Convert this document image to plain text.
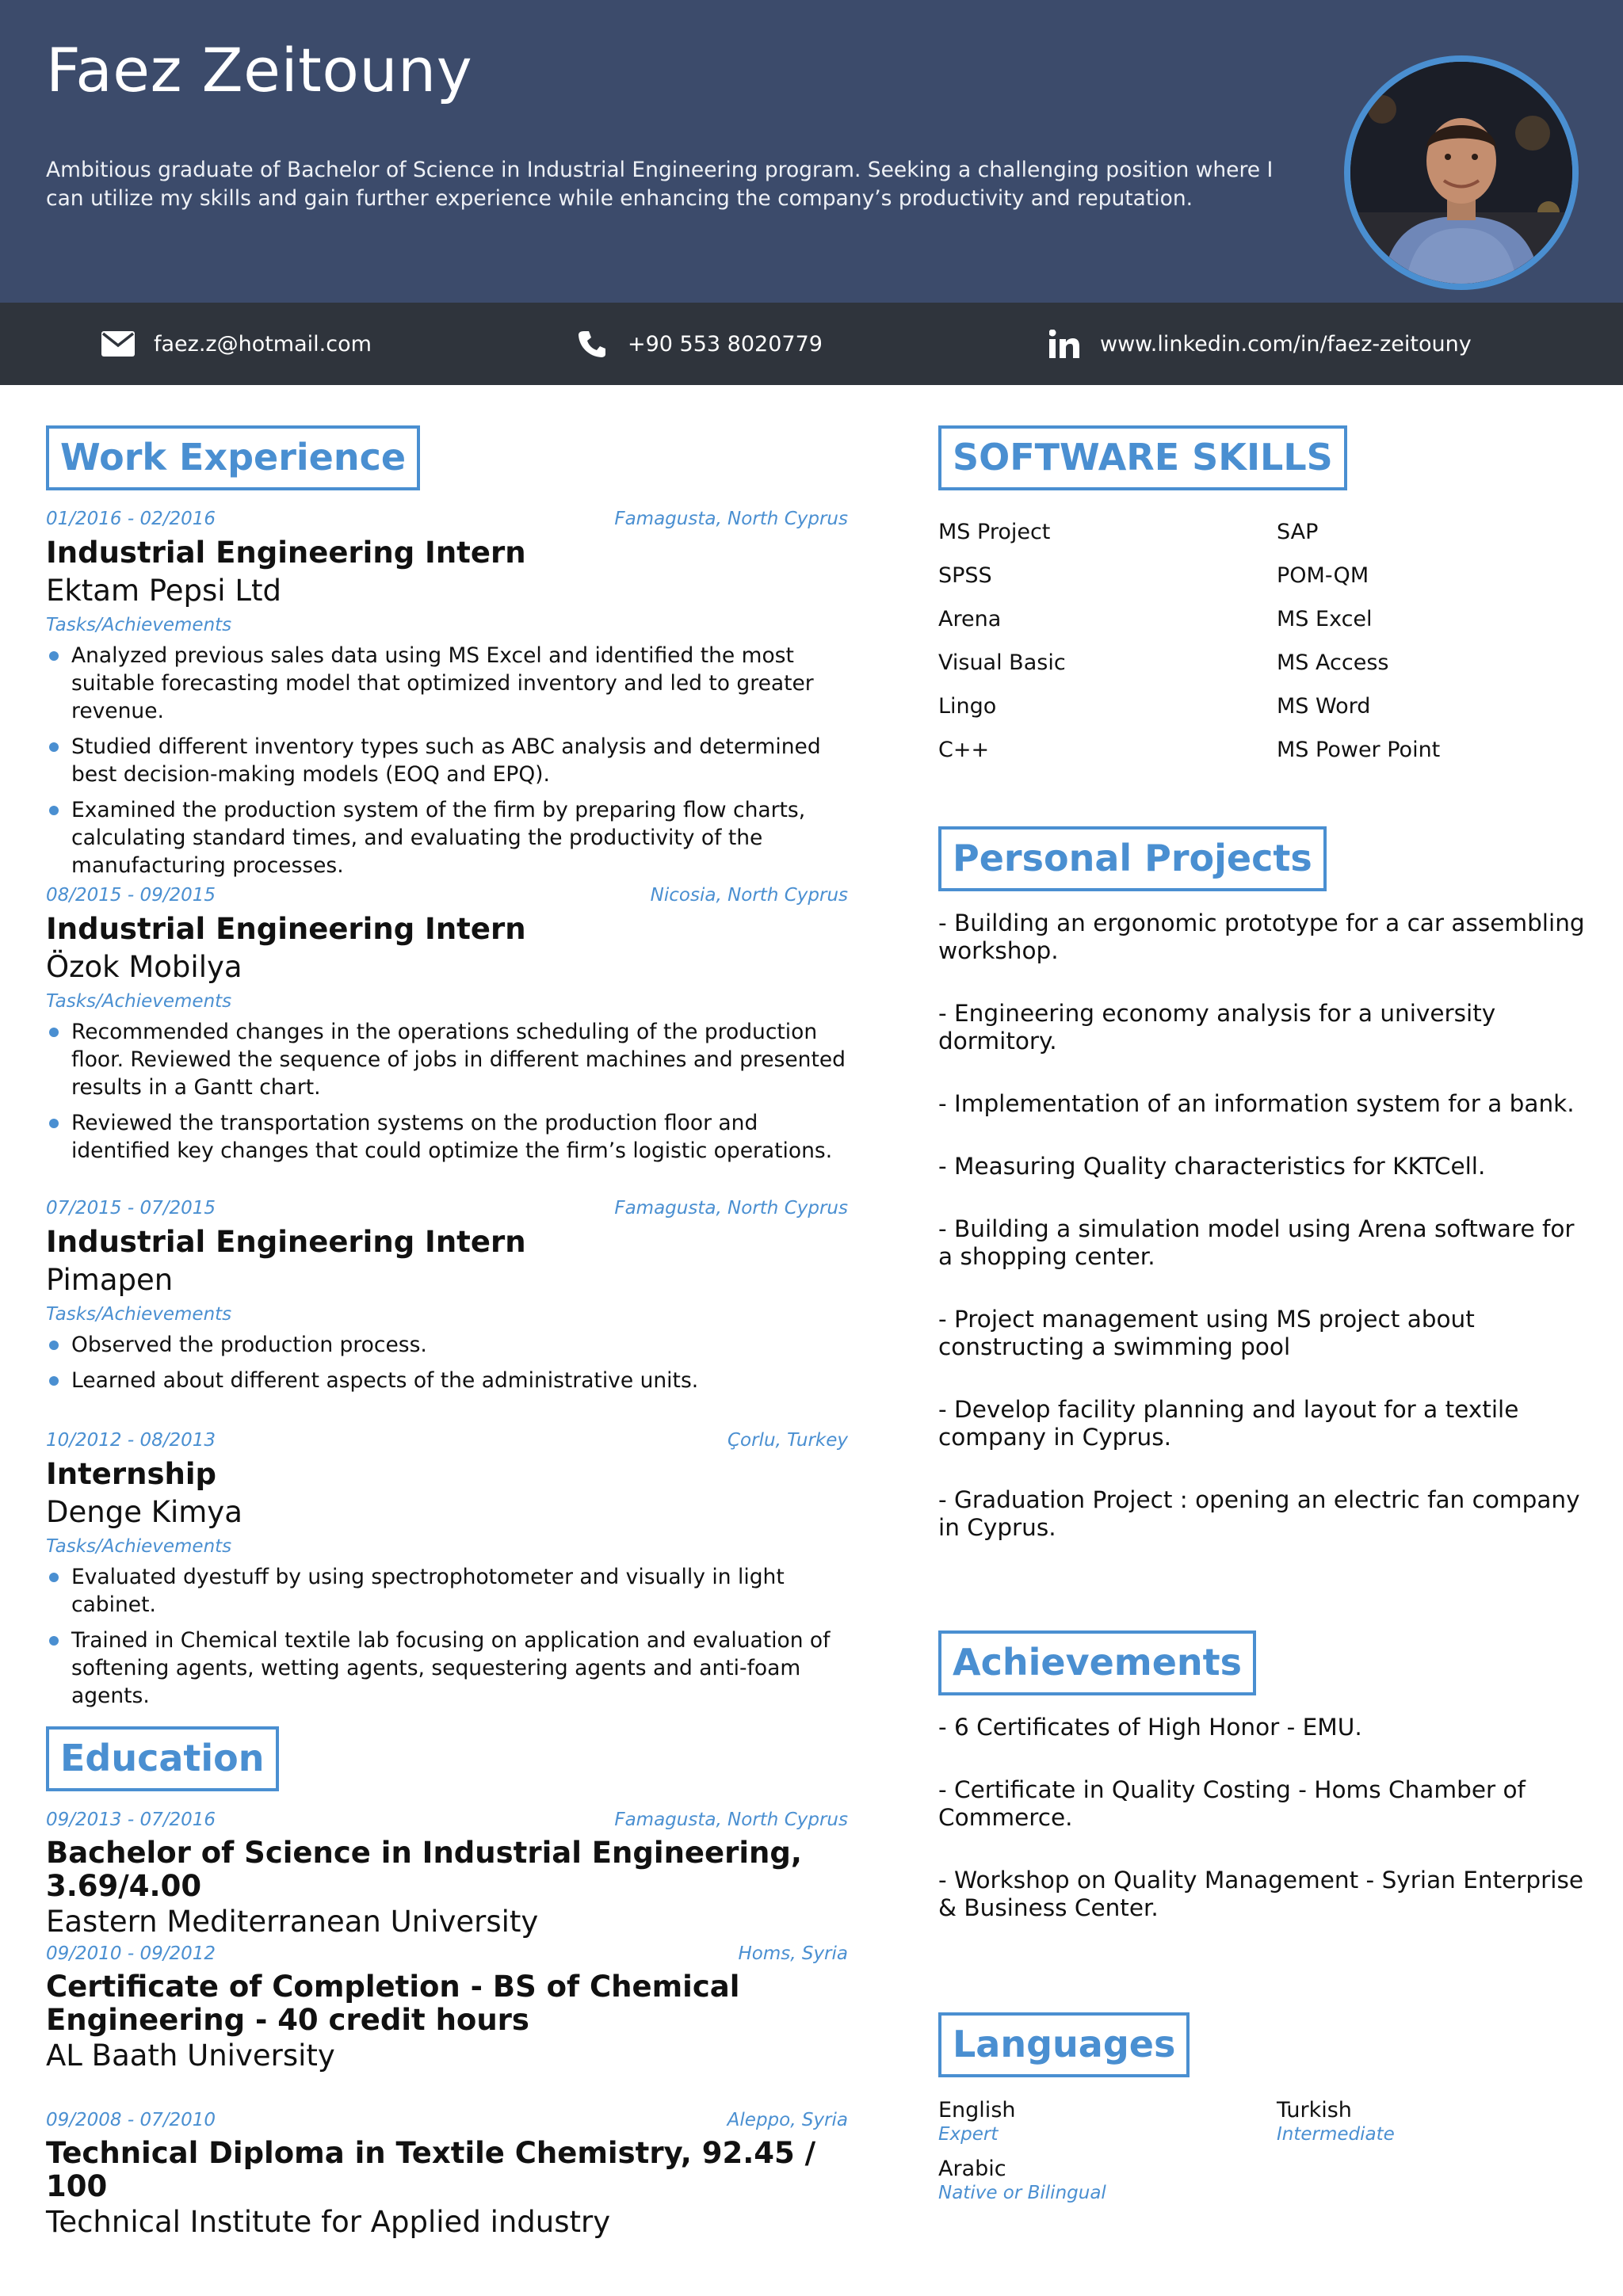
Faez Zeitouny

Ambitious graduate of Bachelor of Science in Industrial Engineering program. Seeking a challenging position where I can utilize my skills and gain further experience while enhancing the company’s productivity and reputation.

faez.z@hotmail.com	+90 553 8020779	www.linkedin.com/in/faez-zeitouny
Work Experience
01/2016 - 02/2016	Famagusta, North Cyprus
Industrial Engineering Intern
Ektam Pepsi Ltd
Tasks/Achievements
Analyzed previous sales data using MS Excel and identified the most suitable forecasting model that optimized inventory and led to greater revenue.
Studied different inventory types such as ABC analysis and determined best decision-making models (EOQ and EPQ).
Examined the production system of the firm by preparing flow charts, calculating standard times, and evaluating the productivity of the manufacturing processes.
08/2015 - 09/2015	Nicosia, North Cyprus
Industrial Engineering Intern
Özok Mobilya
Tasks/Achievements
Recommended changes in the operations scheduling of the production floor. Reviewed the sequence of jobs in different machines and presented results in a Gantt chart.
Reviewed the transportation systems on the production floor and identified key changes that could optimize the firm’s logistic operations.
07/2015 - 07/2015	Famagusta, North Cyprus
Industrial Engineering Intern
Pimapen
Tasks/Achievements
Observed the production process.
Learned about different aspects of the administrative units.
10/2012 - 08/2013	Çorlu, Turkey
Internship
Denge Kimya
Tasks/Achievements
Evaluated dyestuff by using spectrophotometer and visually in light cabinet.
Trained in Chemical textile lab focusing on application and evaluation of softening agents, wetting agents, sequestering agents and anti-foam agents.
Education
09/2013 - 07/2016	Famagusta, North Cyprus
Bachelor of Science in Industrial Engineering, 3.69/4.00
Eastern Mediterranean University
09/2010 - 09/2012	Homs, Syria
Certificate of Completion - BS of Chemical Engineering - 40 credit hours
AL Baath University
09/2008 - 07/2010	Aleppo, Syria
Technical Diploma in Textile Chemistry, 92.45 / 100
Technical Institute for Applied industry
SOFTWARE SKILLS
MS Project	SAP
SPSS	POM-QM
Arena	MS Excel
Visual Basic	MS Access
Lingo	MS Word
C++	MS Power Point
Personal Projects

- Building an ergonomic prototype for a car assembling workshop.

- Engineering economy analysis for a university dormitory.

- Implementation of an information system for a bank.

- Measuring Quality characteristics for KKTCell.

- Building a simulation model using Arena software for a shopping center.

- Project management using MS project about constructing a swimming pool

- Develop facility planning and layout for a textile company in Cyprus.

- Graduation Project : opening an electric fan company in Cyprus.

Achievements

- 6 Certificates of High Honor - EMU.

- Certificate in Quality Costing - Homs Chamber of Commerce.

- Workshop on Quality Management - Syrian Enterprise & Business Center.

Languages
English
Expert
Turkish
Intermediate
Arabic
Native or Bilingual
